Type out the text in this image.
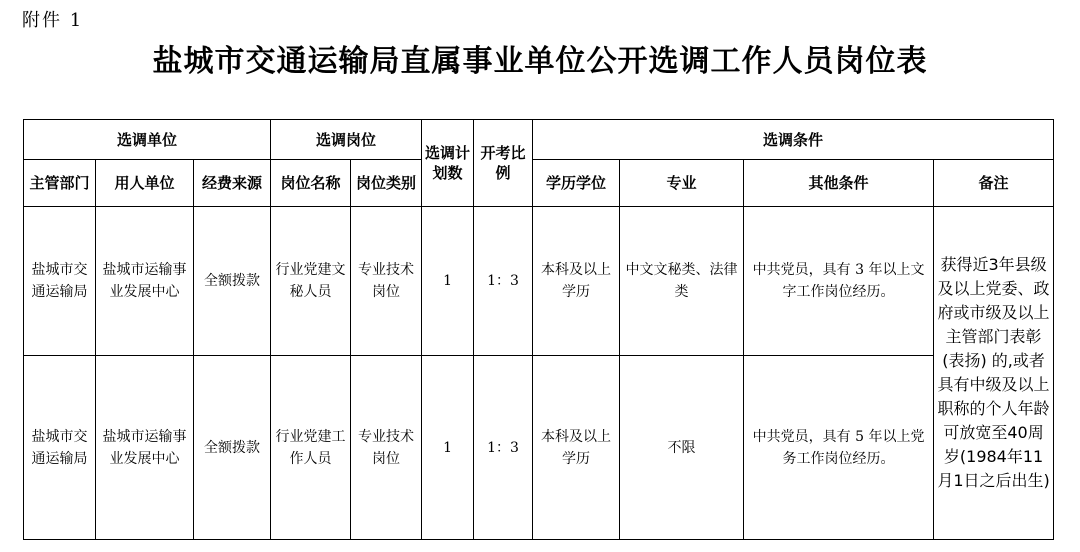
附件 1
盐城市交通运输局直属事业单位公开选调工作人员岗位表
选调单位			选调岗位		选调计划数	开考比例	选调条件			
主管部门	用人单位	经费来源	岗位名称	岗位类别			学历学位	专业	其他条件	备注
盐城市交通运输局	盐城市运输事业发展中心	全额拨款	行业党建文秘人员	专业技术岗位	1	1：3	本科及以上学历	中文文秘类、法律类	中共党员，具有 3 年以上文字工作岗位经历。	获得近3年县级及以上党委、政府或市级及以上主管部门表彰(表扬) 的,或者具有中级及以上职称的个人年龄可放宽至40周岁(1984年11月1日之后出生)
盐城市交通运输局	盐城市运输事业发展中心	全额拨款	行业党建工作人员	专业技术岗位	1	1：3	本科及以上学历	不限	中共党员，具有 5 年以上党务工作岗位经历。	
